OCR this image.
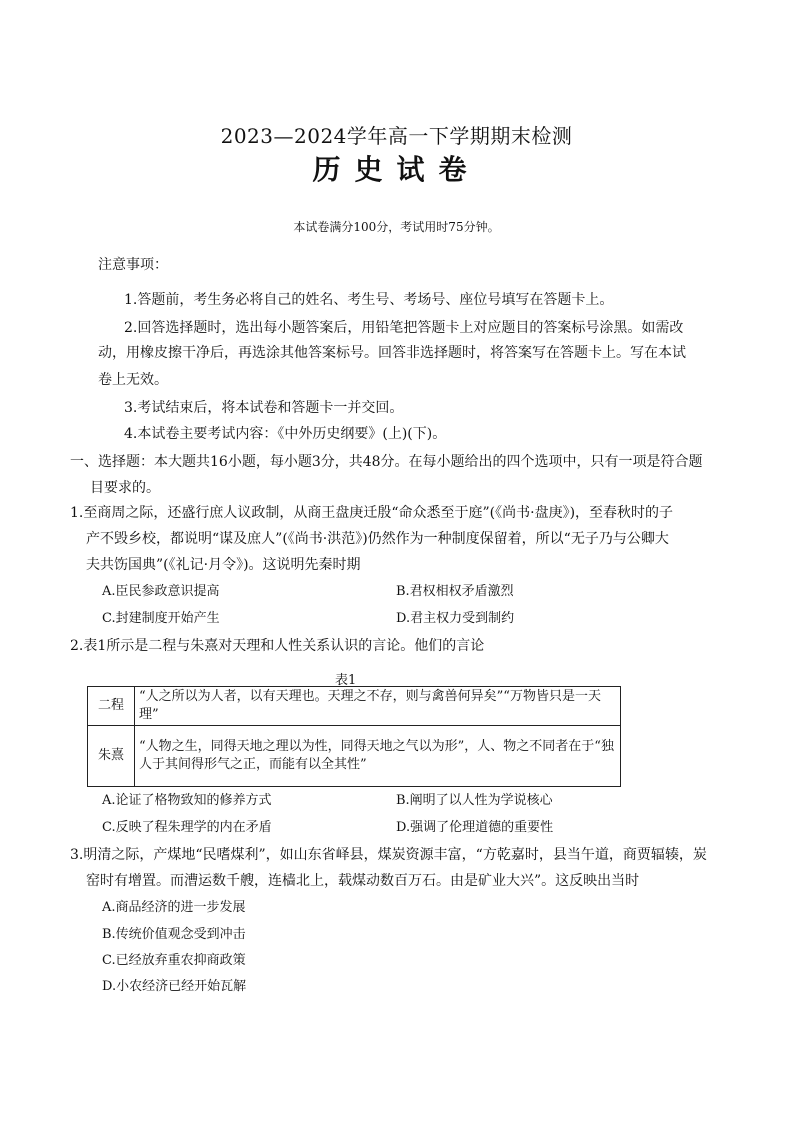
2023—2024学年高一下学期期末检测
历史试卷
本试卷满分100分，考试用时75分钟。
注意事项：
1.答题前，考生务必将自己的姓名、考生号、考场号、座位号填写在答题卡上。
2.回答选择题时，选出每小题答案后，用铅笔把答题卡上对应题目的答案标号涂黑。如需改
动，用橡皮擦干净后，再选涂其他答案标号。回答非选择题时，将答案写在答题卡上。写在本试
卷上无效。
3.考试结束后，将本试卷和答题卡一并交回。
4.本试卷主要考试内容：《中外历史纲要》(上)(下)。
一、选择题：本大题共16小题，每小题3分，共48分。在每小题给出的四个选项中，只有一项是符合题
目要求的。
1.至商周之际，还盛行庶人议政制，从商王盘庚迁殷“命众悉至于庭”(《尚书·盘庚》)，至春秋时的子
产不毁乡校，都说明“谋及庶人”(《尚书·洪范》)仍然作为一种制度保留着，所以“无子乃与公卿大
夫共饬国典”(《礼记·月令》)。这说明先秦时期
A.臣民参政意识提高	B.君权相权矛盾激烈
C.封建制度开始产生	D.君主权力受到制约
2.表1所示是二程与朱熹对天理和人性关系认识的言论。他们的言论
表1
二程	“人之所以为人者，以有天理也。天理之不存，则与禽兽何异矣”“万物皆只是一天理”
朱熹	“人物之生，同得天地之理以为性，同得天地之气以为形”，人、物之不同者在于“独人于其间得形气之正，而能有以全其性”
A.论证了格物致知的修养方式	B.阐明了以人性为学说核心
C.反映了程朱理学的内在矛盾	D.强调了伦理道德的重要性
3.明清之际，产煤地“民嗜煤利”，如山东省峄县，煤炭资源丰富，“方乾嘉时，县当午道，商贾辐辏，炭
窑时有增置。而漕运数千艘，连樯北上，载煤动数百万石。由是矿业大兴”。这反映出当时
A.商品经济的进一步发展
B.传统价值观念受到冲击
C.已经放弃重农抑商政策
D.小农经济已经开始瓦解
